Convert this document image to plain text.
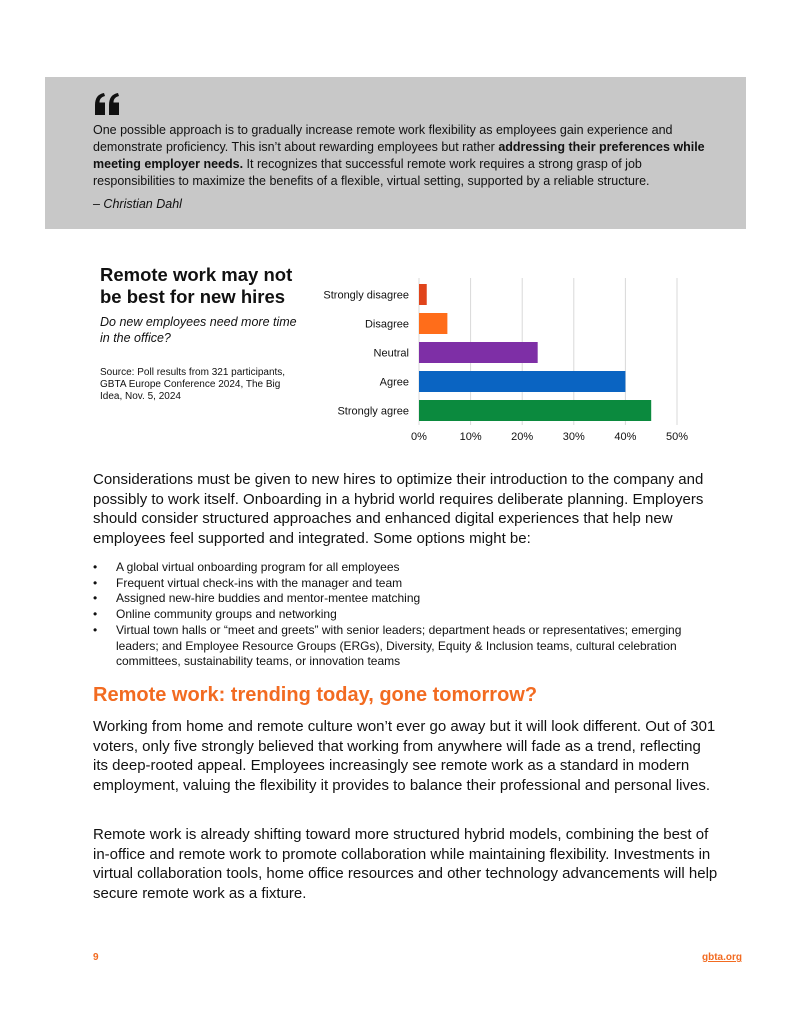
One possible approach is to gradually increase remote work flexibility as employees gain experience and demonstrate proficiency. This isn’t about rewarding employees but rather addressing their preferences while meeting employer needs. It recognizes that successful remote work requires a strong grasp of job responsibilities to maximize the benefits of a flexible, virtual setting, supported by a reliable structure.

– Christian Dahl

Remote work may not be best for new hires

Do new employees need more time in the office?

Source: Poll results from 321 participants, GBTA Europe Conference 2024, The Big Idea, Nov. 5, 2024

0%	10%	20%	30%	40%	50%
Strongly disagree
Disagree
Neutral
Agree
Strongly agree

Considerations must be given to new hires to optimize their introduction to the company and possibly to work itself. Onboarding in a hybrid world requires deliberate planning. Employers should consider structured approaches and enhanced digital experiences that help new employees feel supported and integrated. Some options might be:

• A global virtual onboarding program for all employees
• Frequent virtual check-ins with the manager and team
• Assigned new-hire buddies and mentor-mentee matching
• Online community groups and networking
• Virtual town halls or “meet and greets” with senior leaders; department heads or representatives; emerging leaders; and Employee Resource Groups (ERGs), Diversity, Equity & Inclusion teams, cultural celebration committees, sustainability teams, or innovation teams
Remote work: trending today, gone tomorrow?

Working from home and remote culture won’t ever go away but it will look different. Out of 301 voters, only five strongly believed that working from anywhere will fade as a trend, reflecting its deep-rooted appeal. Employees increasingly see remote work as a standard in modern employment, valuing the flexibility it provides to balance their professional and personal lives.

Remote work is already shifting toward more structured hybrid models, combining the best of in-office and remote work to promote collaboration while maintaining flexibility. Investments in virtual collaboration tools, home office resources and other technology advancements will help secure remote work as a fixture.

9	gbta.org
